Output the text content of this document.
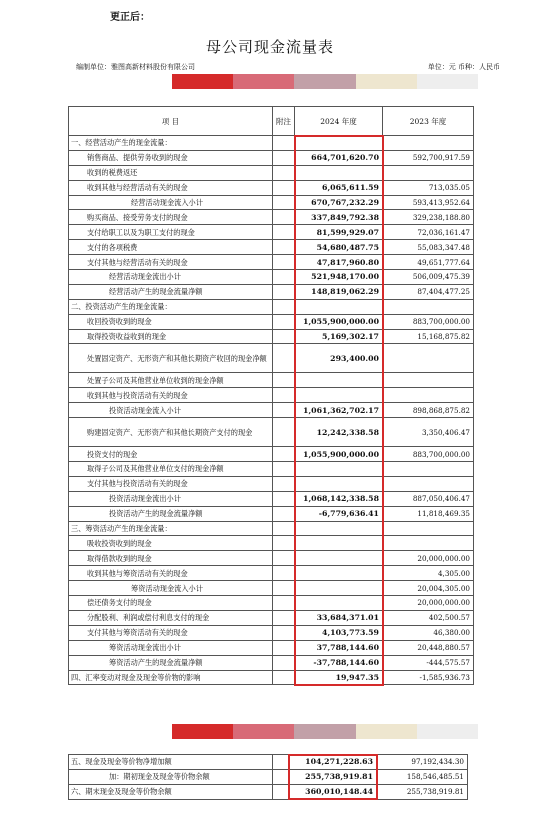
更正后：
母公司现金流量表
编制单位：雅图高新材料股份有限公司	单位：元 币种：人民币
项 目	附注	2024 年度	2023 年度
一、经营活动产生的现金流量：			
销售商品、提供劳务收到的现金		664,701,620.70	592,700,917.59
收到的税费返还			
收到其他与经营活动有关的现金		6,065,611.59	713,035.05
经营活动现金流入小计		670,767,232.29	593,413,952.64
购买商品、接受劳务支付的现金		337,849,792.38	329,238,188.80
支付给职工以及为职工支付的现金		81,599,929.07	72,036,161.47
支付的各项税费		54,680,487.75	55,083,347.48
支付其他与经营活动有关的现金		47,817,960.80	49,651,777.64
经营活动现金流出小计		521,948,170.00	506,009,475.39
经营活动产生的现金流量净额		148,819,062.29	87,404,477.25
二、投资活动产生的现金流量：			
收回投资收到的现金		1,055,900,000.00	883,700,000.00
取得投资收益收到的现金		5,169,302.17	15,168,875.82
处置固定资产、无形资产和其他长期资产收回的现金净额		293,400.00	
处置子公司及其他营业单位收到的现金净额			
收到其他与投资活动有关的现金			
投资活动现金流入小计		1,061,362,702.17	898,868,875.82
购建固定资产、无形资产和其他长期资产支付的现金		12,242,338.58	3,350,406.47
投资支付的现金		1,055,900,000.00	883,700,000.00
取得子公司及其他营业单位支付的现金净额			
支付其他与投资活动有关的现金			
投资活动现金流出小计		1,068,142,338.58	887,050,406.47
投资活动产生的现金流量净额		-6,779,636.41	11,818,469.35
三、筹资活动产生的现金流量：			
吸收投资收到的现金			
取得借款收到的现金			20,000,000.00
收到其他与筹资活动有关的现金			4,305.00
筹资活动现金流入小计			20,004,305.00
偿还债务支付的现金			20,000,000.00
分配股利、利润或偿付利息支付的现金		33,684,371.01	402,500.57
支付其他与筹资活动有关的现金		4,103,773.59	46,380.00
筹资活动现金流出小计		37,788,144.60	20,448,880.57
筹资活动产生的现金流量净额		-37,788,144.60	-444,575.57
四、汇率变动对现金及现金等价物的影响		19,947.35	-1,585,936.73
五、现金及现金等价物净增加额		104,271,228.63	97,192,434.30
加：期初现金及现金等价物余额		255,738,919.81	158,546,485.51
六、期末现金及现金等价物余额		360,010,148.44	255,738,919.81
